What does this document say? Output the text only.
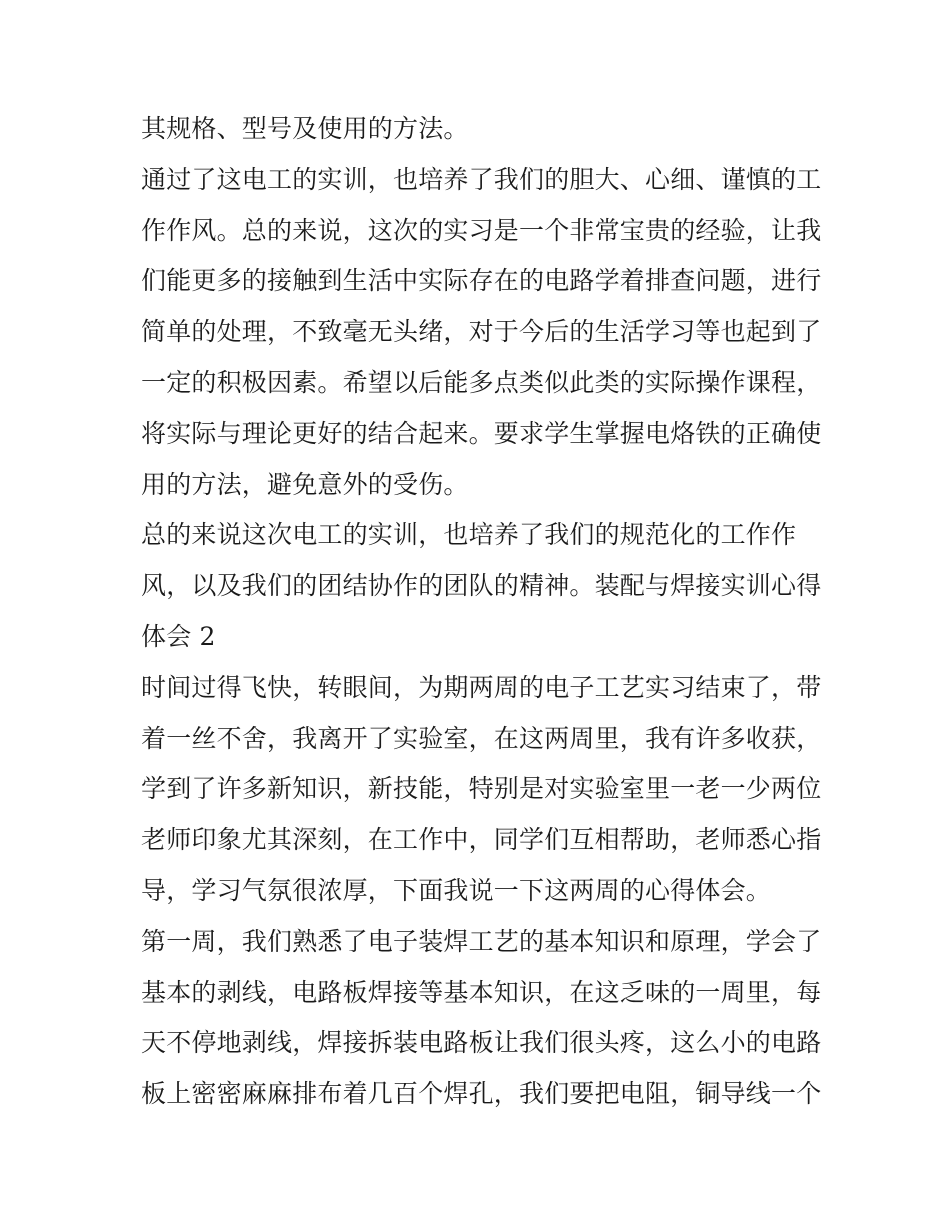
其规格、型号及使用的方法。
通过了这电工的实训，也培养了我们的胆大、心细、谨慎的工
作作风。总的来说，这次的实习是一个非常宝贵的经验，让我
们能更多的接触到生活中实际存在的电路学着排查问题，进行
简单的处理，不致毫无头绪，对于今后的生活学习等也起到了
一定的积极因素。希望以后能多点类似此类的实际操作课程，
将实际与理论更好的结合起来。要求学生掌握电烙铁的正确使
用的方法，避免意外的受伤。
总的来说这次电工的实训，也培养了我们的规范化的工作作
风，以及我们的团结协作的团队的精神。装配与焊接实训心得
体会 2
时间过得飞快，转眼间，为期两周的电子工艺实习结束了，带
着一丝不舍，我离开了实验室，在这两周里，我有许多收获，
学到了许多新知识，新技能，特别是对实验室里一老一少两位
老师印象尤其深刻，在工作中，同学们互相帮助，老师悉心指
导，学习气氛很浓厚，下面我说一下这两周的心得体会。
第一周，我们熟悉了电子装焊工艺的基本知识和原理，学会了
基本的剥线，电路板焊接等基本知识，在这乏味的一周里，每
天不停地剥线，焊接拆装电路板让我们很头疼，这么小的电路
板上密密麻麻排布着几百个焊孔，我们要把电阻，铜导线一个
